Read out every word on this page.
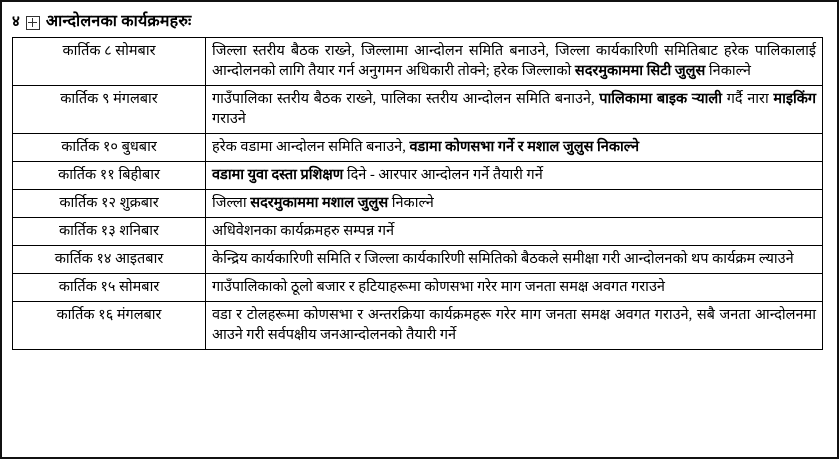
४ आन्दोलनका कार्यक्रमहरुः
कार्तिक ८ सोमबार	जिल्ला स्तरीय बैठक राख्ने, जिल्लामा आन्दोलन समिति बनाउने, जिल्ला कार्यकारिणी समितिबाट हरेक पालिकालाई आन्दोलनको लागि तैयार गर्न अनुगमन अधिकारी तोक्ने; हरेक जिल्लाको सदरमुकाममा सिटी जुलुस निकाल्ने
कार्तिक ९ मंगलबार	गाउँपालिका स्तरीय बैठक राख्ने, पालिका स्तरीय आन्दोलन समिति बनाउने, पालिकामा बाइक र्‍याली गर्दै नारा माइकिंग गराउने
कार्तिक १० बुधबार	हरेक वडामा आन्दोलन समिति बनाउने, वडामा कोणसभा गर्ने र मशाल जुलुस निकाल्ने
कार्तिक ११ बिहीबार	वडामा युवा दस्ता प्रशिक्षण दिने - आरपार आन्दोलन गर्ने तैयारी गर्ने
कार्तिक १२ शुक्रबार	जिल्ला सदरमुकाममा मशाल जुलुस निकाल्ने
कार्तिक १३ शनिबार	अधिवेशनका कार्यक्रमहरु सम्पन्न गर्ने
कार्तिक १४ आइतबार	केन्द्रिय कार्यकारिणी समिति र जिल्ला कार्यकारिणी समितिको बैठकले समीक्षा गरी आन्दोलनको थप कार्यक्रम ल्याउने
कार्तिक १५ सोमबार	गाउँपालिकाको ठूलो बजार र हटियाहरूमा कोणसभा गरेर माग जनता समक्ष अवगत गराउने
कार्तिक १६ मंगलबार	वडा र टोलहरूमा कोणसभा र अन्तरक्रिया कार्यक्रमहरू गरेर माग जनता समक्ष अवगत गराउने, सबै जनता आन्दोलनमा आउने गरी सर्वपक्षीय जनआन्दोलनको तैयारी गर्ने
